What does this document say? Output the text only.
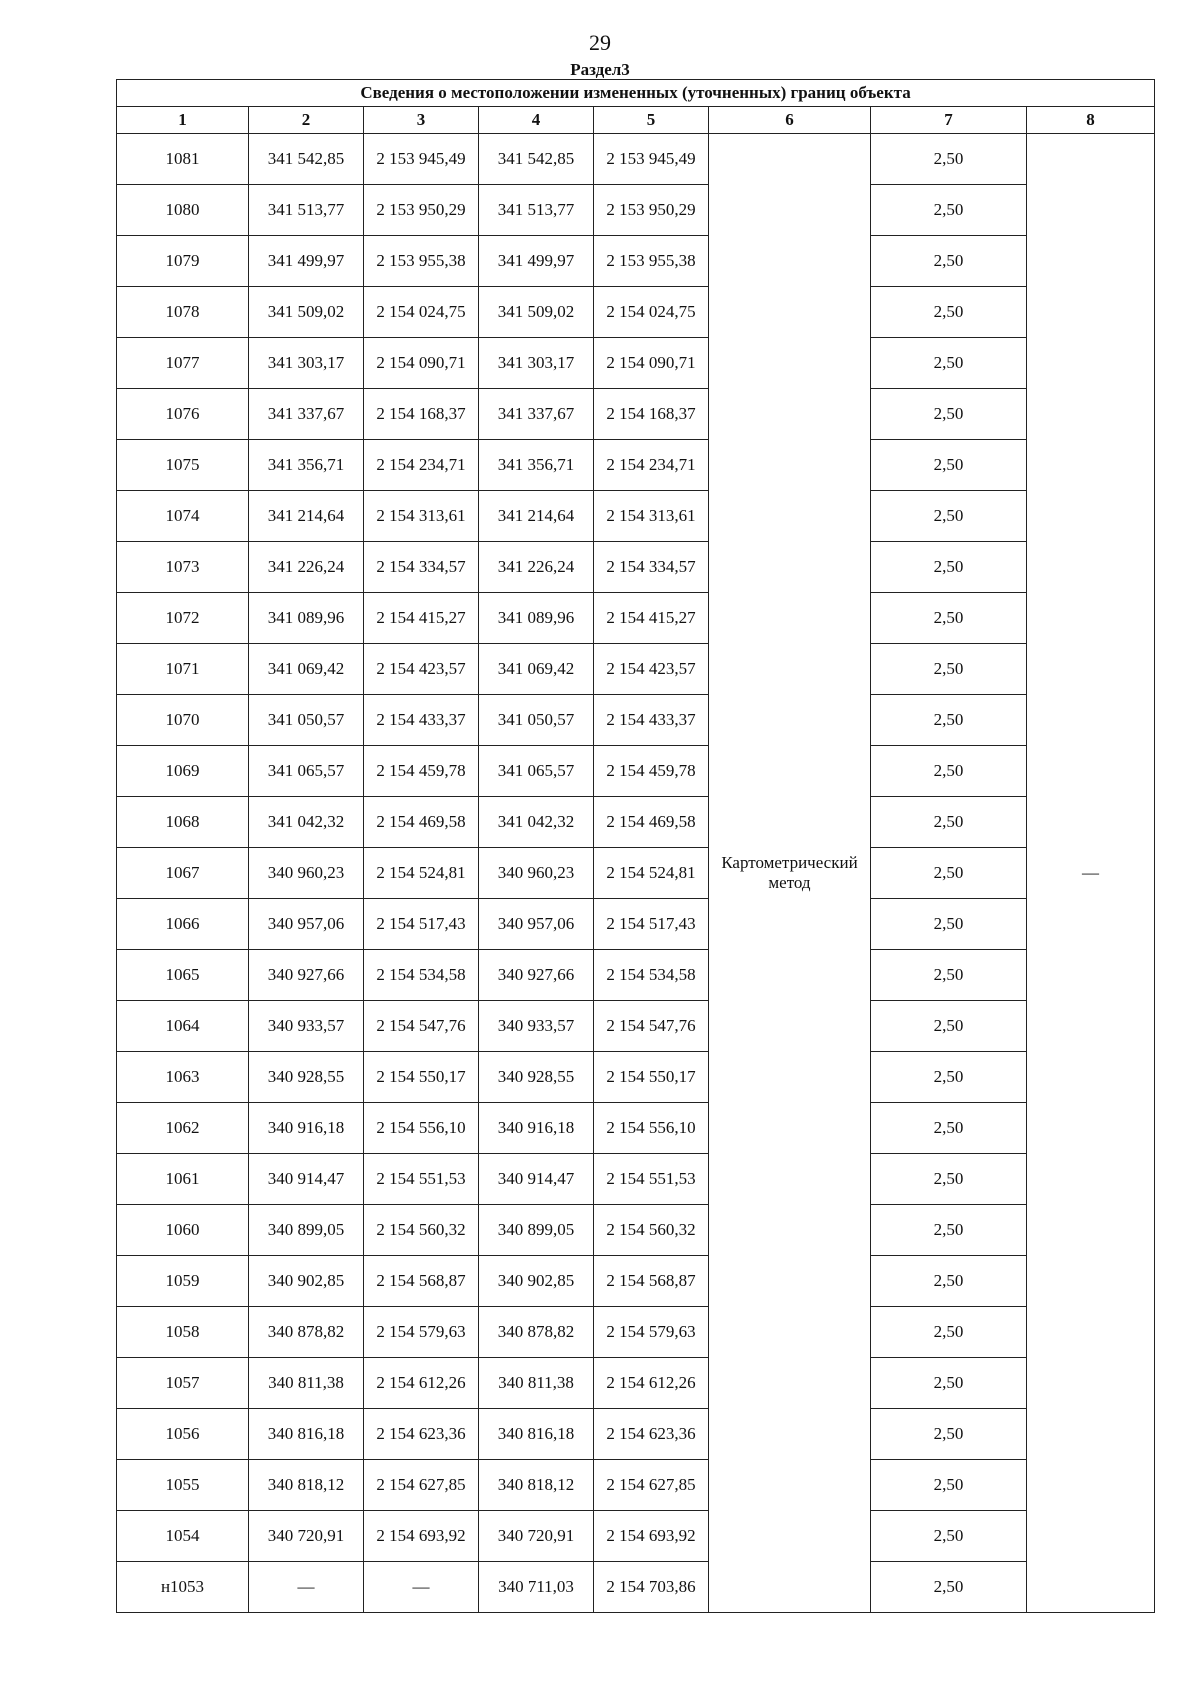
29
Раздел3
Сведения о местоположении измененных (уточненных) границ объекта							
1	2	3	4	5	6	7	8
1081	341 542,85	2 153 945,49	341 542,85	2 153 945,49	Картометрический метод	2,50	—
1080	341 513,77	2 153 950,29	341 513,77	2 153 950,29		2,50	
1079	341 499,97	2 153 955,38	341 499,97	2 153 955,38		2,50	
1078	341 509,02	2 154 024,75	341 509,02	2 154 024,75		2,50	
1077	341 303,17	2 154 090,71	341 303,17	2 154 090,71		2,50	
1076	341 337,67	2 154 168,37	341 337,67	2 154 168,37		2,50	
1075	341 356,71	2 154 234,71	341 356,71	2 154 234,71		2,50	
1074	341 214,64	2 154 313,61	341 214,64	2 154 313,61		2,50	
1073	341 226,24	2 154 334,57	341 226,24	2 154 334,57		2,50	
1072	341 089,96	2 154 415,27	341 089,96	2 154 415,27		2,50	
1071	341 069,42	2 154 423,57	341 069,42	2 154 423,57		2,50	
1070	341 050,57	2 154 433,37	341 050,57	2 154 433,37		2,50	
1069	341 065,57	2 154 459,78	341 065,57	2 154 459,78		2,50	
1068	341 042,32	2 154 469,58	341 042,32	2 154 469,58		2,50	
1067	340 960,23	2 154 524,81	340 960,23	2 154 524,81		2,50	
1066	340 957,06	2 154 517,43	340 957,06	2 154 517,43		2,50	
1065	340 927,66	2 154 534,58	340 927,66	2 154 534,58		2,50	
1064	340 933,57	2 154 547,76	340 933,57	2 154 547,76		2,50	
1063	340 928,55	2 154 550,17	340 928,55	2 154 550,17		2,50	
1062	340 916,18	2 154 556,10	340 916,18	2 154 556,10		2,50	
1061	340 914,47	2 154 551,53	340 914,47	2 154 551,53		2,50	
1060	340 899,05	2 154 560,32	340 899,05	2 154 560,32		2,50	
1059	340 902,85	2 154 568,87	340 902,85	2 154 568,87		2,50	
1058	340 878,82	2 154 579,63	340 878,82	2 154 579,63		2,50	
1057	340 811,38	2 154 612,26	340 811,38	2 154 612,26		2,50	
1056	340 816,18	2 154 623,36	340 816,18	2 154 623,36		2,50	
1055	340 818,12	2 154 627,85	340 818,12	2 154 627,85		2,50	
1054	340 720,91	2 154 693,92	340 720,91	2 154 693,92		2,50	
н1053	—	—	340 711,03	2 154 703,86		2,50	
